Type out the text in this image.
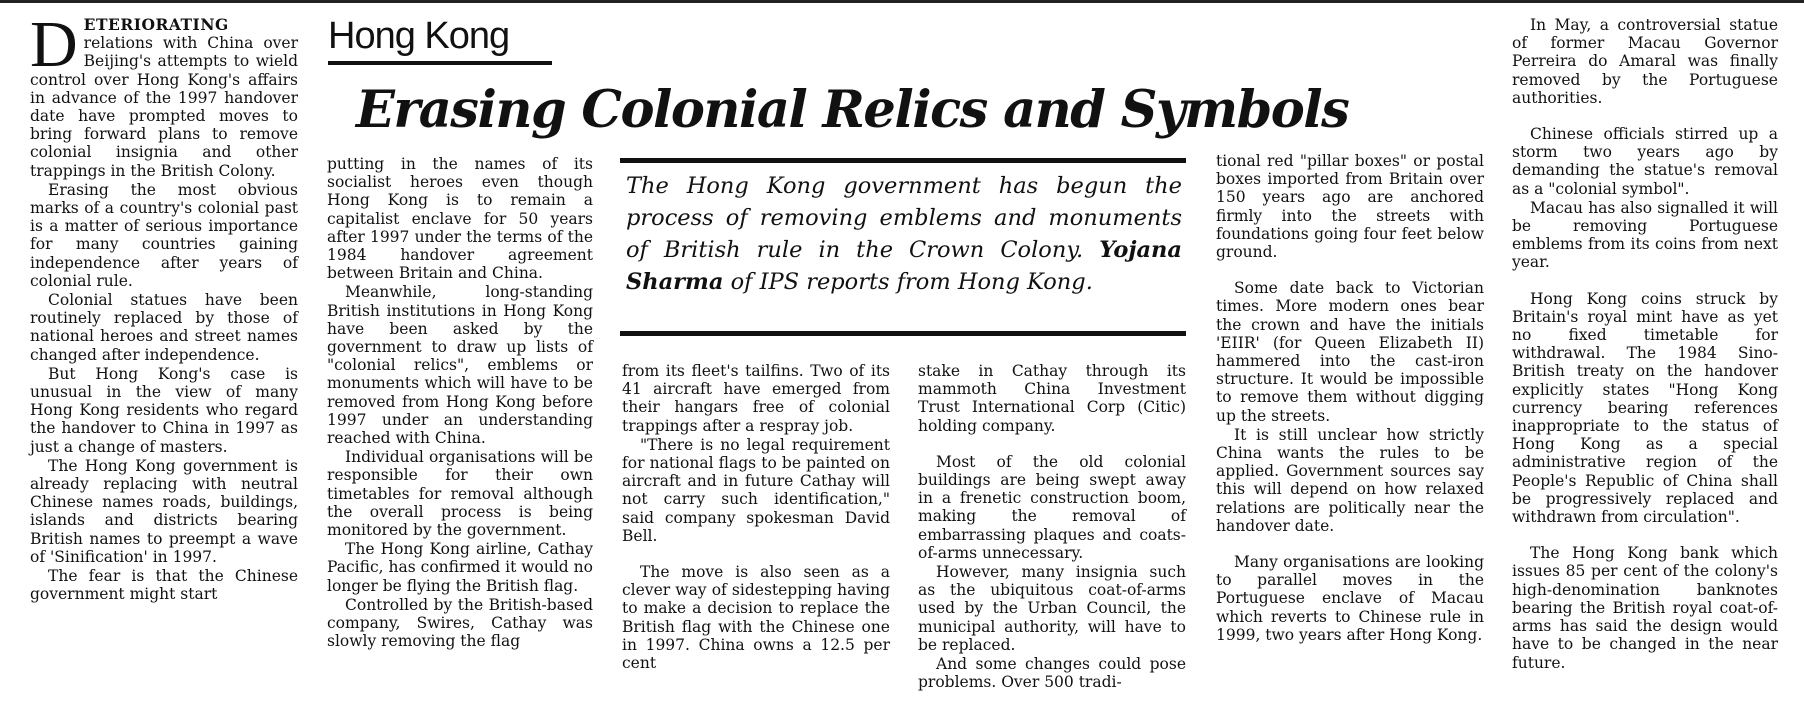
DETERIORATING relations with China over Beijing's attempts to wield control over Hong Kong's affairs in advance of the 1997 handover date have prompted moves to bring forward plans to remove colonial insignia and other trappings in the British Colony.

Erasing the most obvious marks of a country's colonial past is a matter of serious importance for many countries gaining independence after years of colonial rule.

Colonial statues have been routinely replaced by those of national heroes and street names changed after independence.

But Hong Kong's case is unusual in the view of many Hong Kong residents who regard the handover to China in 1997 as just a change of masters.

The Hong Kong government is already replacing with neutral Chinese names roads, buildings, islands and districts bearing British names to preempt a wave of 'Sinification' in 1997.

The fear is that the Chinese government might start

Hong Kong
Erasing Colonial Relics and Symbols

putting in the names of its socialist heroes even though Hong Kong is to remain a capitalist enclave for 50 years after 1997 under the terms of the 1984 handover agreement between Britain and China.

Meanwhile, long-standing British institutions in Hong Kong have been asked by the government to draw up lists of "colonial relics", emblems or monuments which will have to be removed from Hong Kong before 1997 under an understanding reached with China.

Individual organisations will be responsible for their own timetables for removal although the overall process is being monitored by the government.

The Hong Kong airline, Cathay Pacific, has confirmed it would no longer be flying the British flag.

Controlled by the British-based company, Swires, Cathay was slowly removing the flag

The Hong Kong government has begun the process of removing emblems and monuments of British rule in the Crown Colony. Yojana Sharma of IPS reports from Hong Kong.

from its fleet's tailfins. Two of its 41 aircraft have emerged from their hangars free of colonial trappings after a respray job.

"There is no legal requirement for national flags to be painted on aircraft and in future Cathay will not carry such identification," said company spokesman David Bell.

The move is also seen as a clever way of sidestepping having to make a decision to replace the British flag with the Chinese one in 1997. China owns a 12.5 per cent

stake in Cathay through its mammoth China Investment Trust International Corp (Citic) holding company.

Most of the old colonial buildings are being swept away in a frenetic construction boom, making the removal of embarrassing plaques and coats-of-arms unnecessary.

However, many insignia such as the ubiquitous coat-of-arms used by the Urban Council, the municipal authority, will have to be replaced.

And some changes could pose problems. Over 500 tradi-

tional red "pillar boxes" or postal boxes imported from Britain over 150 years ago are anchored firmly into the streets with foundations going four feet below ground.

Some date back to Victorian times. More modern ones bear the crown and have the initials 'EIIR' (for Queen Elizabeth II) hammered into the cast-iron structure. It would be impossible to remove them without digging up the streets.

It is still unclear how strictly China wants the rules to be applied. Government sources say this will depend on how relaxed relations are politically near the handover date.

Many organisations are looking to parallel moves in the Portuguese enclave of Macau which reverts to Chinese rule in 1999, two years after Hong Kong.

In May, a controversial statue of former Macau Governor Perreira do Amaral was finally removed by the Portuguese authorities.

Chinese officials stirred up a storm two years ago by demanding the statue's removal as a "colonial symbol".

Macau has also signalled it will be removing Portuguese emblems from its coins from next year.

Hong Kong coins struck by Britain's royal mint have as yet no fixed timetable for withdrawal. The 1984 Sino-British treaty on the handover explicitly states "Hong Kong currency bearing references inappropriate to the status of Hong Kong as a special administrative region of the People's Republic of China shall be progressively replaced and withdrawn from circulation".

The Hong Kong bank which issues 85 per cent of the colony's high-denomination banknotes bearing the British royal coat-of-arms has said the design would have to be changed in the near future.
